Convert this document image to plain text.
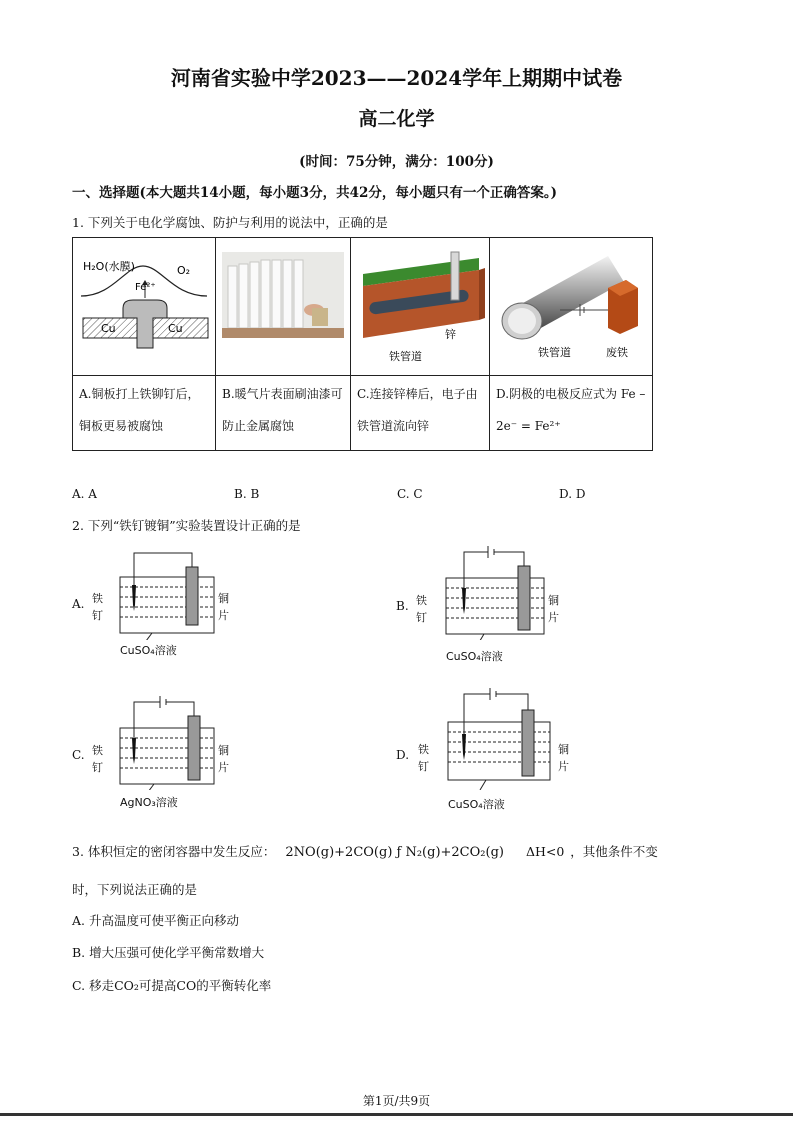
河南省实验中学2023——2024学年上期期中试卷
高二化学
(时间：75分钟，满分：100分)
一、选择题(本大题共14小题，每小题3分，共42分，每小题只有一个正确答案。)
1. 下列关于电化学腐蚀、防护与利用的说法中，正确的是
H₂O(水膜) O₂
Fe²⁺
Cu Cu		铁管道
锌	铁管道 废铁

A.铜板打上铁铆钉后，铜板更易被腐蚀	B.暖气片表面刷油漆可防止金属腐蚀	C.连接锌棒后，电子由铁管道流向锌	D.阴极的电极反应式为 Fe – 2e⁻ = Fe²⁺
A. A	B. B	C. C	D. D
2. 下列“铁钉镀铜”实验装置设计正确的是
A. 铁
钉
铜
片
CuSO₄溶液
B. 铁
钉
铜
片
CuSO₄溶液
C. 铁
钉
铜
片
AgNO₃溶液
D. 铁
钉
铜
片
CuSO₄溶液
3. 体积恒定的密闭容器中发生反应： 2NO(g)+2CO(g) ƒ N₂(g)+2CO₂(g) ΔH<0 ，其他条件不变
时，下列说法正确的是
A. 升高温度可使平衡正向移动
B. 增大压强可使化学平衡常数增大
C. 移走CO₂可提高CO的平衡转化率
第1页/共9页
